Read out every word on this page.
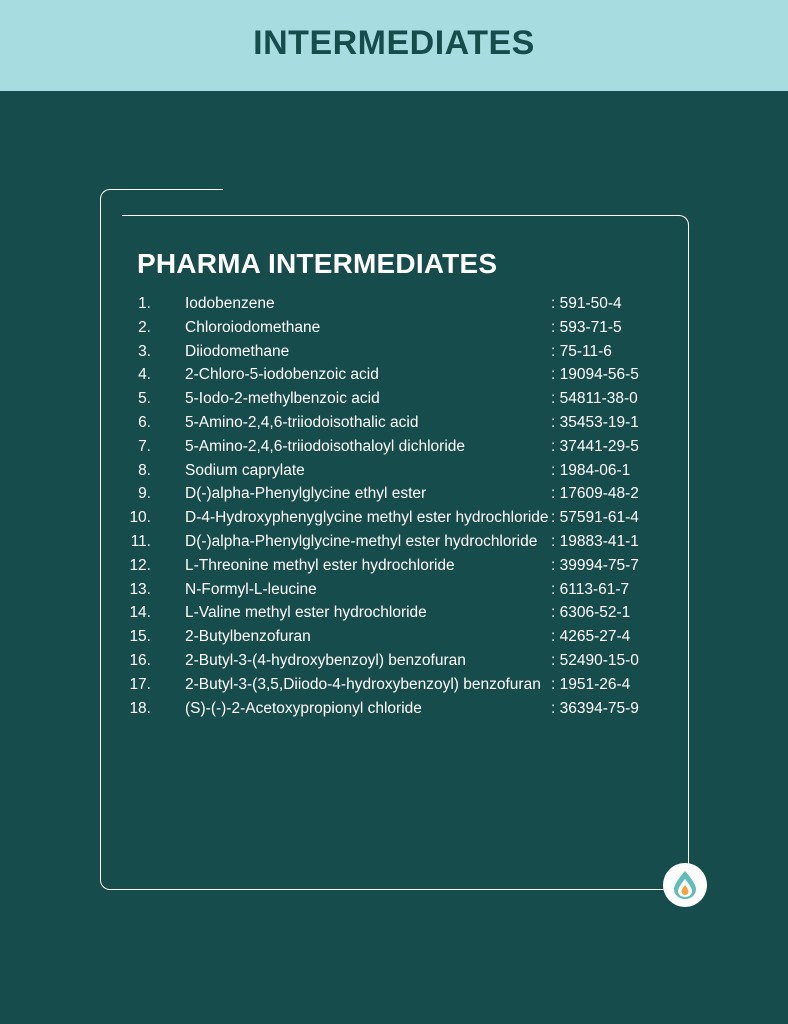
INTERMEDIATES
PHARMA INTERMEDIATES
1. Iodobenzene	: 591-50-4
2. Chloroiodomethane	: 593-71-5
3. Diiodomethane	: 75-11-6
4. 2-Chloro-5-iodobenzoic acid	: 19094-56-5
5. 5-Iodo-2-methylbenzoic acid	: 54811-38-0
6. 5-Amino-2,4,6-triiodoisothalic acid	: 35453-19-1
7. 5-Amino-2,4,6-triiodoisothaloyl dichloride	: 37441-29-5
8. Sodium caprylate	: 1984-06-1
9. D(-)alpha-Phenylglycine ethyl ester	: 17609-48-2
10. D-4-Hydroxyphenyglycine methyl ester hydrochloride : 57591-61-4
11. D(-)alpha-Phenylglycine-methyl ester hydrochloride : 19883-41-1
12. L-Threonine methyl ester hydrochloride	: 39994-75-7
13. N-Formyl-L-leucine	: 6113-61-7
14. L-Valine methyl ester hydrochloride	: 6306-52-1
15. 2-Butylbenzofuran	: 4265-27-4
16. 2-Butyl-3-(4-hydroxybenzoyl) benzofuran	: 52490-15-0
17. 2-Butyl-3-(3,5,Diiodo-4-hydroxybenzoyl) benzofuran : 1951-26-4
18. (S)-(-)-2-Acetoxypropionyl chloride	: 36394-75-9
